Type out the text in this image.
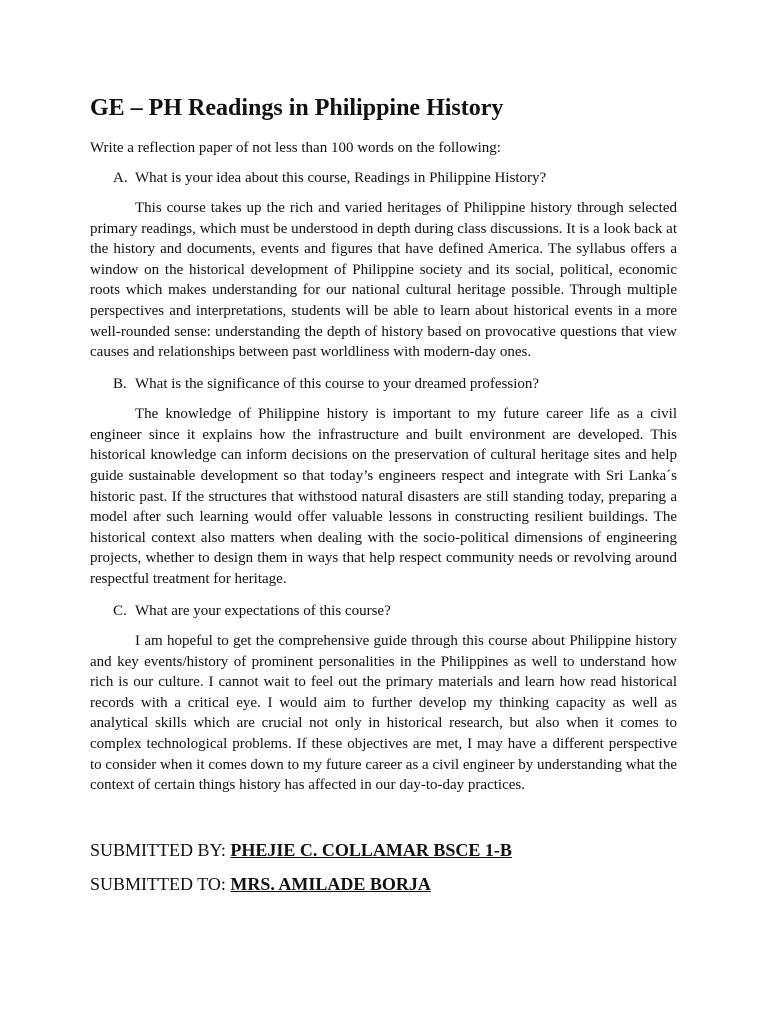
GE – PH Readings in Philippine History

Write a reflection paper of not less than 100 words on the following:

A. What is your idea about this course, Readings in Philippine History?

This course takes up the rich and varied heritages of Philippine history through selected primary readings, which must be understood in depth during class discussions. It is a look back at the history and documents, events and figures that have defined America. The syllabus offers a window on the historical development of Philippine society and its social, political, economic roots which makes understanding for our national cultural heritage possible. Through multiple perspectives and interpretations, students will be able to learn about historical events in a more well-rounded sense: understanding the depth of history based on provocative questions that view causes and relationships between past worldliness with modern-day ones.

B. What is the significance of this course to your dreamed profession?

The knowledge of Philippine history is important to my future career life as a civil engineer since it explains how the infrastructure and built environment are developed. This historical knowledge can inform decisions on the preservation of cultural heritage sites and help guide sustainable development so that today’s engineers respect and integrate with Sri Lanka´s historic past. If the structures that withstood natural disasters are still standing today, preparing a model after such learning would offer valuable lessons in constructing resilient buildings. The historical context also matters when dealing with the socio-political dimensions of engineering projects, whether to design them in ways that help respect community needs or revolving around respectful treatment for heritage.

C. What are your expectations of this course?

I am hopeful to get the comprehensive guide through this course about Philippine history and key events/history of prominent personalities in the Philippines as well to understand how rich is our culture. I cannot wait to feel out the primary materials and learn how read historical records with a critical eye. I would aim to further develop my thinking capacity as well as analytical skills which are crucial not only in historical research, but also when it comes to complex technological problems. If these objectives are met, I may have a different perspective to consider when it comes down to my future career as a civil engineer by understanding what the context of certain things history has affected in our day-to-day practices.

SUBMITTED BY: PHEJIE C. COLLAMAR BSCE 1-B

SUBMITTED TO: MRS. AMILADE BORJA
